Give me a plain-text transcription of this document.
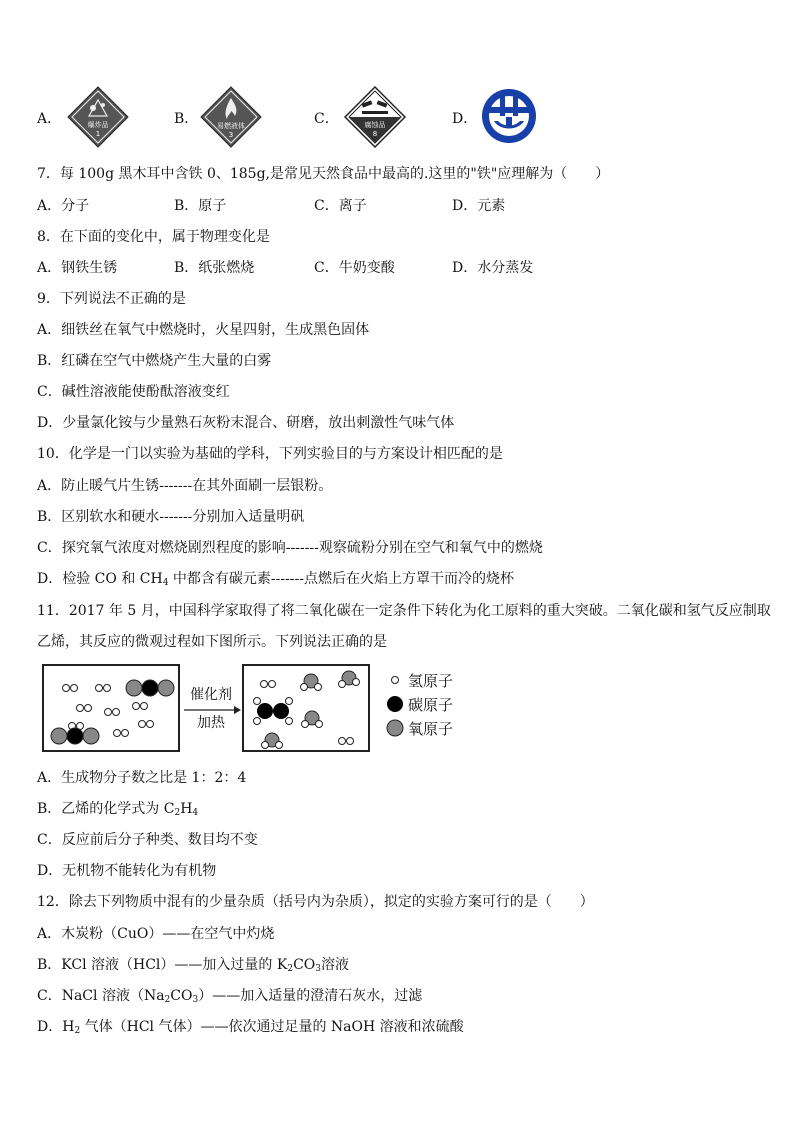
A．	爆炸品
1
B．	易燃液体
3
C．	腐蚀品
8
D．
7．每 100g 黑木耳中含铁 0、185g,是常见天然食品中最高的.这里的"铁"应理解为（　　）
A．分子	B．原子	C．离子	D．元素
8．在下面的变化中，属于物理变化是
A．钢铁生锈	B．纸张燃烧	C．牛奶变酸	D．水分蒸发
9．下列说法不正确的是
A．细铁丝在氧气中燃烧时，火星四射，生成黑色固体
B．红磷在空气中燃烧产生大量的白雾
C．碱性溶液能使酚酞溶液变红
D．少量氯化铵与少量熟石灰粉末混合、研磨，放出刺激性气味气体
10．化学是一门以实验为基础的学科，下列实验目的与方案设计相匹配的是
A．防止暖气片生锈-------在其外面刷一层银粉。
B．区别软水和硬水-------分别加入适量明矾
C．探究氧气浓度对燃烧剧烈程度的影响-------观察硫粉分别在空气和氧气中的燃烧
D．检验 CO 和 $CH_4$ 中都含有碳元素-------点燃后在火焰上方罩干而冷的烧杯
11．2017 年 5 月，中国科学家取得了将二氧化碳在一定条件下转化为化工原料的重大突破。二氧化碳和氢气反应制取
乙烯，其反应的微观过程如下图所示。下列说法正确的是
催化剂
加热
氢原子
碳原子
氧原子
A．生成物分子数之比是 1：2：4
B．乙烯的化学式为 $C_2H_4$
C．反应前后分子种类、数目均不变
D．无机物不能转化为有机物
12．除去下列物质中混有的少量杂质（括号内为杂质），拟定的实验方案可行的是（　　）
A．木炭粉（CuO）——在空气中灼烧
B．KCl 溶液（HCl）——加入过量的 $K_2CO_3$溶液
C．NaCl 溶液$(Na_2CO_3)——$加入适量的澄清石灰水，过滤
D．$H_2$ 气体（HCl 气体）——依次通过足量的 NaOH 溶液和浓硫酸
